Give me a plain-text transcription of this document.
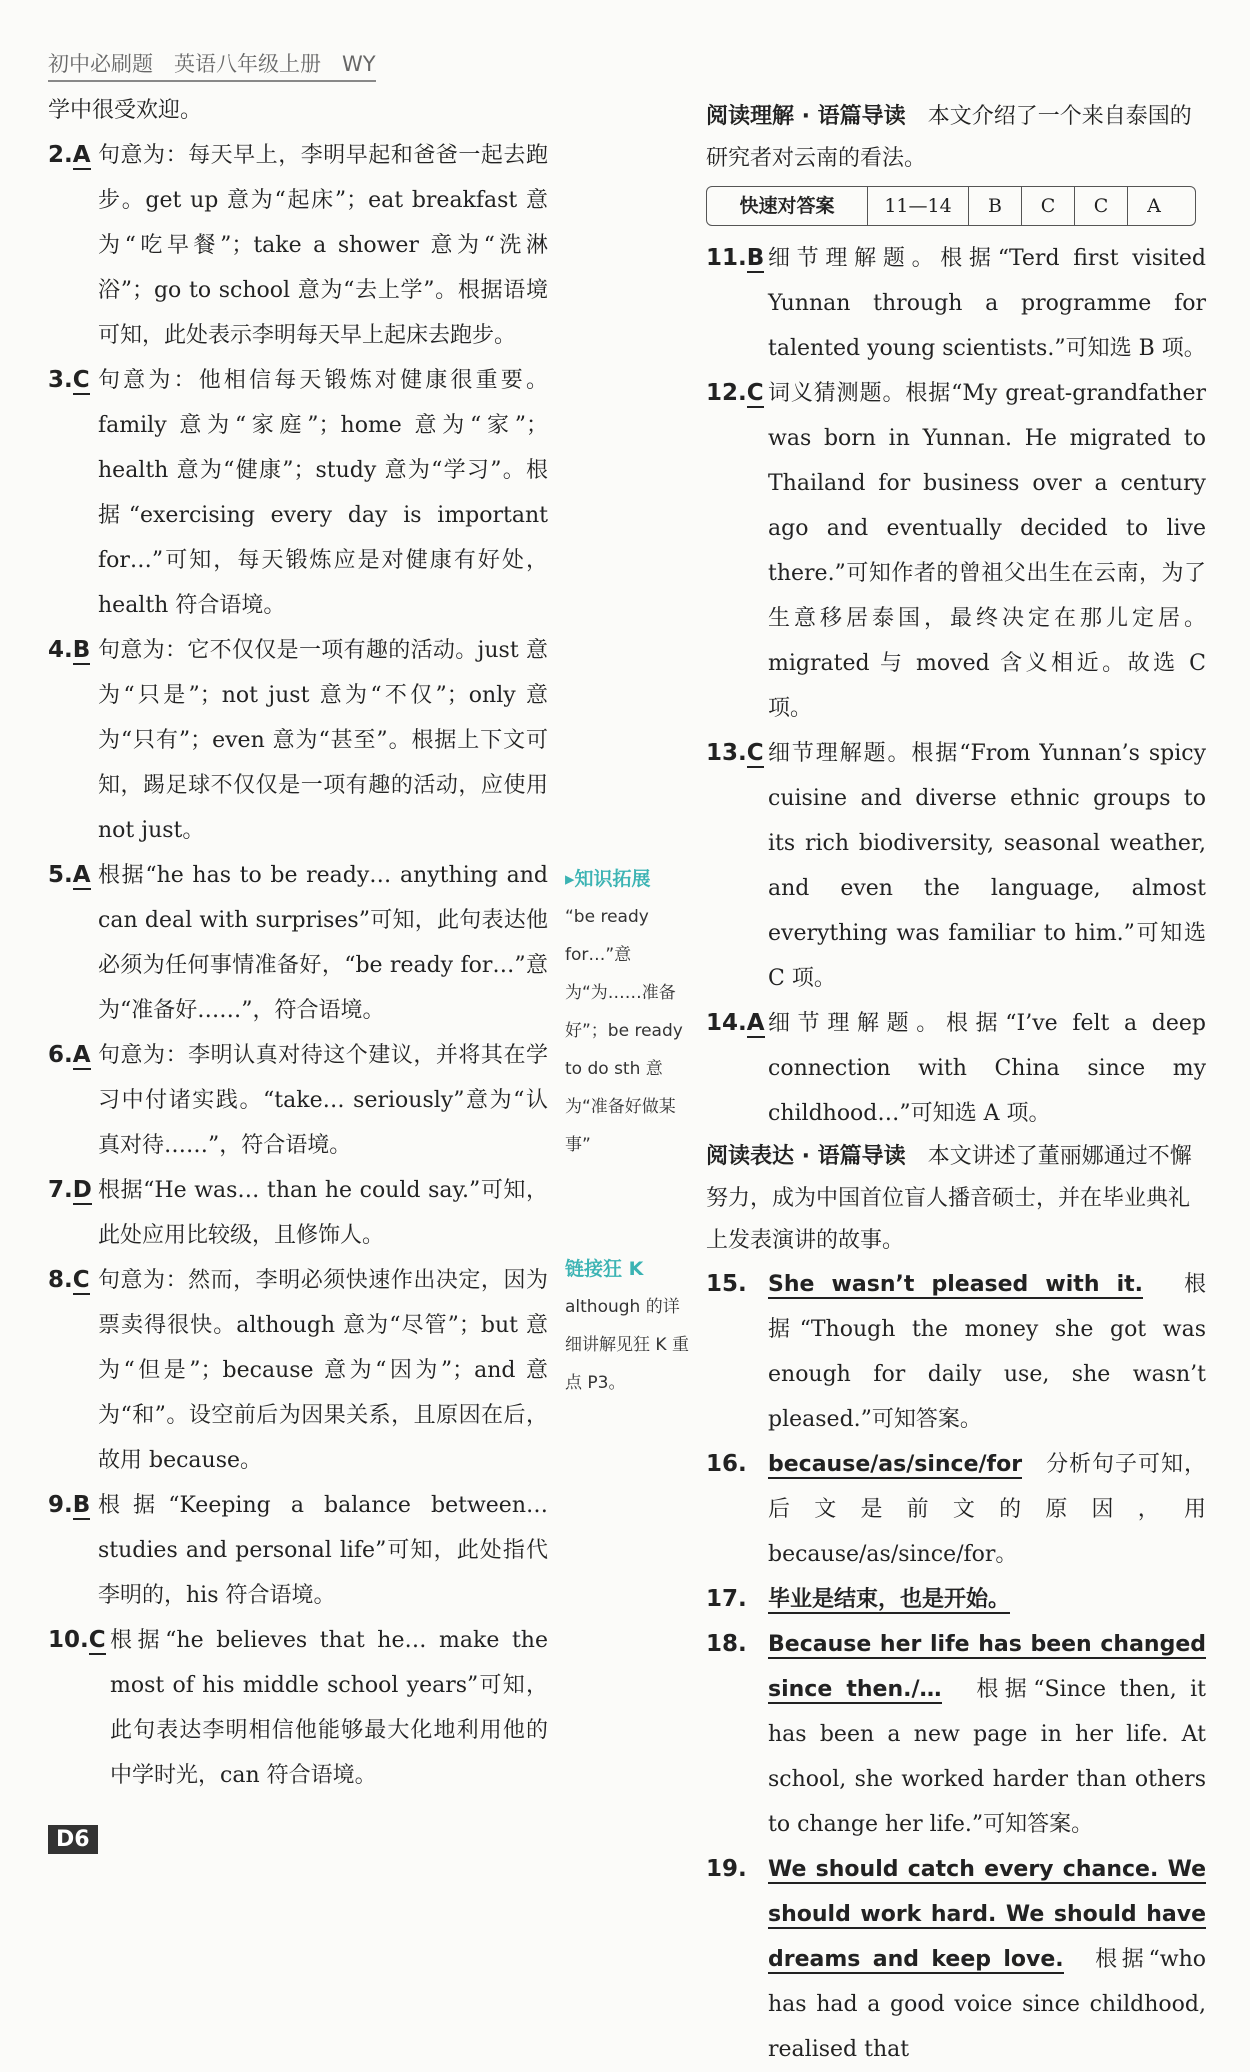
初中必刷题　英语八年级上册　WY

学中很受欢迎。

2.A 句意为：每天早上，李明早起和爸爸一起去跑步。get up 意为“起床”；eat breakfast 意为“吃早餐”；take a shower 意为“洗淋浴”；go to school 意为“去上学”。根据语境可知，此处表示李明每天早上起床去跑步。
3.C 句意为：他相信每天锻炼对健康很重要。family 意为“家庭”；home 意为“家”；health 意为“健康”；study 意为“学习”。根据“exercising every day is important for…”可知，每天锻炼应是对健康有好处，health 符合语境。
4.B 句意为：它不仅仅是一项有趣的活动。just 意为“只是”；not just 意为“不仅”；only 意为“只有”；even 意为“甚至”。根据上下文可知，踢足球不仅仅是一项有趣的活动，应使用 not just。
5.A 根据“he has to be ready… anything and can deal with surprises”可知，此句表达他必须为任何事情准备好，“be ready for…”意为“准备好……”，符合语境。
6.A 句意为：李明认真对待这个建议，并将其在学习中付诸实践。“take… seriously”意为“认真对待……”，符合语境。
7.D 根据“He was… than he could say.”可知，此处应用比较级，且修饰人。
8.C 句意为：然而，李明必须快速作出决定，因为票卖得很快。although 意为“尽管”；but 意为“但是”；because 意为“因为”；and 意为“和”。设空前后为因果关系，且原因在后，故用 because。
9.B 根据“Keeping a balance between… studies and personal life”可知，此处指代李明的，his 符合语境。
10.C 根据“he believes that he… make the most of his middle school years”可知，此句表达李明相信他能够最大化地利用他的中学时光，can 符合语境。
▸知识拓展
“be ready for…”意为“为……准备好”；be ready to do sth 意为“准备好做某事”
链接狂 K
although 的详细讲解见狂 K 重点 P3。

阅读理解 · 语篇导读　 本文介绍了一个来自泰国的研究者对云南的看法。

快速对答案	11—14	B	C	C	A
11.B 细节理解题。根据“Terd first visited Yunnan through a programme for talented young scientists.”可知选 B 项。
12.C 词义猜测题。根据“My great-grandfather was born in Yunnan. He migrated to Thailand for business over a century ago and eventually decided to live there.”可知作者的曾祖父出生在云南，为了生意移居泰国，最终决定在那儿定居。migrated 与 moved 含义相近。故选 C 项。
13.C 细节理解题。根据“From Yunnan’s spicy cuisine and diverse ethnic groups to its rich biodiversity, seasonal weather, and even the language, almost everything was familiar to him.”可知选 C 项。
14.A 细节理解题。根据“I’ve felt a deep connection with China since my childhood…”可知选 A 项。

阅读表达 · 语篇导读　 本文讲述了董丽娜通过不懈努力，成为中国首位盲人播音硕士，并在毕业典礼上发表演讲的故事。

15. She wasn’t pleased with it.　 根据“Though the money she got was enough for daily use, she wasn’t pleased.”可知答案。
16. because/as/since/for　 分析句子可知，后文是前文的原因，用 because/as/since/for。
17. 毕业是结束，也是开始。
18. Because her life has been changed since then./…　 根据“Since then, it has been a new page in her life. At school, she worked harder than others to change her life.”可知答案。
19. We should catch every chance. We should work hard. We should have dreams and keep love.　 根据“who has had a good voice since childhood, realised that
D6
